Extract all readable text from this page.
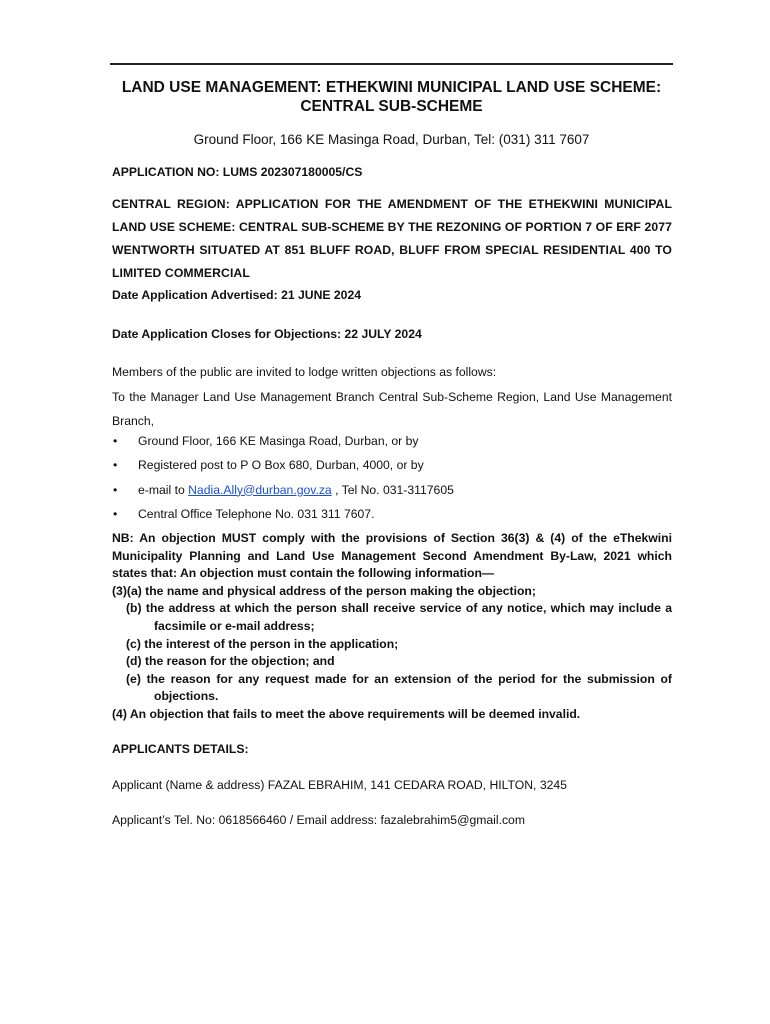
LAND USE MANAGEMENT: ETHEKWINI MUNICIPAL LAND USE SCHEME: CENTRAL SUB-SCHEME
Ground Floor, 166 KE Masinga Road, Durban, Tel: (031) 311 7607
APPLICATION NO: LUMS 202307180005/CS
CENTRAL REGION: APPLICATION FOR THE AMENDMENT OF THE ETHEKWINI MUNICIPAL LAND USE SCHEME: CENTRAL SUB-SCHEME BY THE REZONING OF PORTION 7 OF ERF 2077 WENTWORTH SITUATED AT 851 BLUFF ROAD, BLUFF FROM SPECIAL RESIDENTIAL 400 TO LIMITED COMMERCIAL
Date Application Advertised: 21 JUNE 2024
Date Application Closes for Objections: 22 JULY 2024
Members of the public are invited to lodge written objections as follows:
To the Manager Land Use Management Branch Central Sub-Scheme Region, Land Use Management Branch,
• Ground Floor, 166 KE Masinga Road, Durban, or by
• Registered post to P O Box 680, Durban, 4000, or by
• e-mail to Nadia.Ally@durban.gov.za , Tel No. 031-3117605
• Central Office Telephone No. 031 311 7607.
NB: An objection MUST comply with the provisions of Section 36(3) & (4) of the eThekwini Municipality Planning and Land Use Management Second Amendment By-Law, 2021 which states that: An objection must contain the following information—
(3)(a) the name and physical address of the person making the objection;
(b) the address at which the person shall receive service of any notice, which may include a facsimile or e-mail address;
(c) the interest of the person in the application;
(d) the reason for the objection; and
(e) the reason for any request made for an extension of the period for the submission of objections.
(4) An objection that fails to meet the above requirements will be deemed invalid.
APPLICANTS DETAILS:
Applicant (Name & address) FAZAL EBRAHIM, 141 CEDARA ROAD, HILTON, 3245
Applicant’s Tel. No: 0618566460 / Email address: fazalebrahim5@gmail.com
